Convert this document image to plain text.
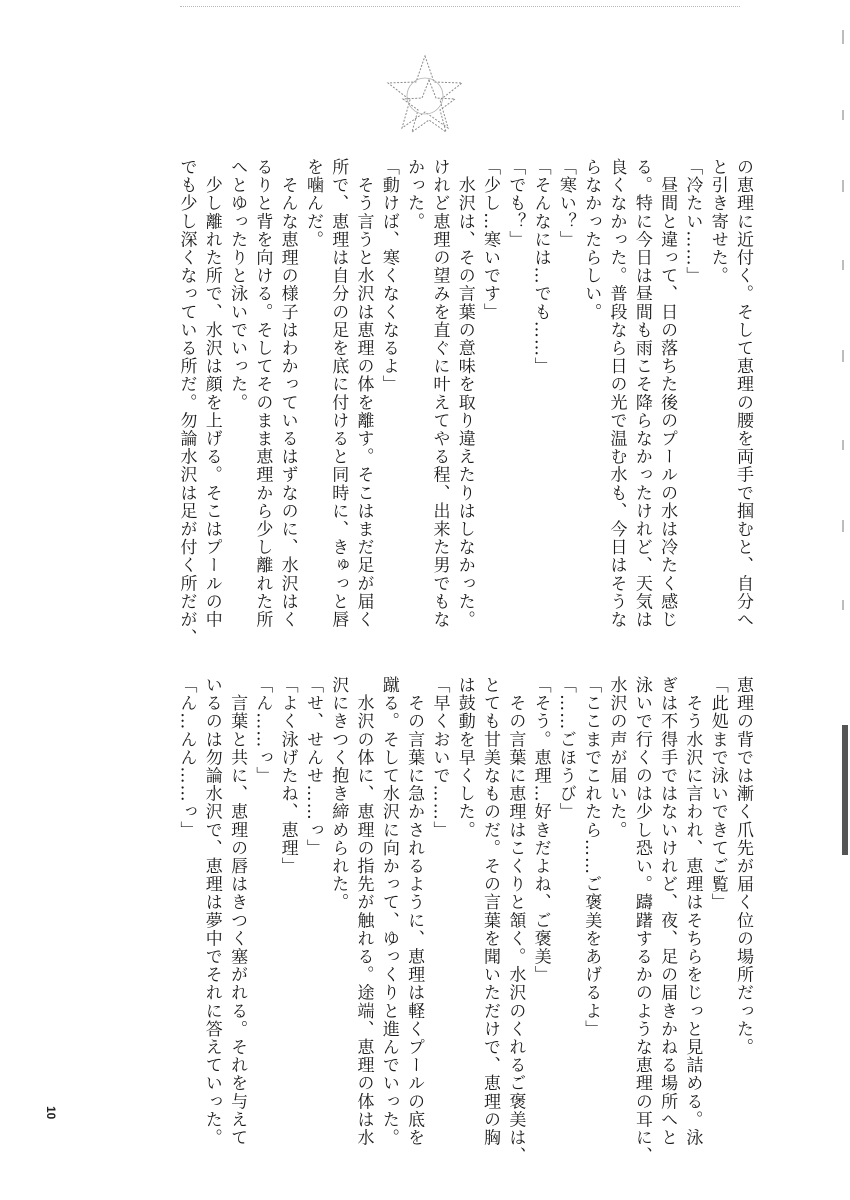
の恵理に近付く。そして恵理の腰を両手で掴むと、自分へ
と引き寄せた。
「冷たい……」
　昼間と違って、日の落ちた後のプールの水は冷たく感じ
る。特に今日は昼間も雨こそ降らなかったけれど、天気は
良くなかった。普段なら日の光で温む水も、今日はそうな
らなかったらしい。
「寒い？」
「そんなには…でも……」
「でも？」
「少し…寒いです」
　水沢は、その言葉の意味を取り違えたりはしなかった。
けれど恵理の望みを直ぐに叶えてやる程、出来た男でもな
かった。
「動けば、寒くなくなるよ」
　そう言うと水沢は恵理の体を離す。そこはまだ足が届く
所で、恵理は自分の足を底に付けると同時に、きゅっと唇
を噛んだ。
　そんな恵理の様子はわかっているはずなのに、水沢はく
るりと背を向ける。そしてそのまま恵理から少し離れた所
へとゆったりと泳いでいった。
　少し離れた所で、水沢は顔を上げる。そこはプールの中
でも少し深くなっている所だ。勿論水沢は足が付く所だが、
恵理の背では漸く爪先が届く位の場所だった。
「此処まで泳いできてご覧」
　そう水沢に言われ、恵理はそちらをじっと見詰める。泳
ぎは不得手ではないけれど、夜、足の届きかねる場所へと
泳いで行くのは少し恐い。躊躇するかのような恵理の耳に、
水沢の声が届いた。
「ここまでこれたら……ご褒美をあげるよ」
「……ごほうび」
「そう。恵理…好きだよね、ご褒美」
　その言葉に恵理はこくりと頷く。水沢のくれるご褒美は、
とても甘美なものだ。その言葉を聞いただけで、恵理の胸
は鼓動を早くした。
「早くおいで……」
　その言葉に急かされるように、恵理は軽くプールの底を
蹴る。そして水沢に向かって、ゆっくりと進んでいった。
　水沢の体に、恵理の指先が触れる。途端、恵理の体は水
沢にきつく抱き締められた。
「せ、せんせ……っ」
「よく泳げたね、恵理」
「ん……っ」
　言葉と共に、恵理の唇はきつく塞がれる。それを与えて
いるのは勿論水沢で、恵理は夢中でそれに答えていった。
「ん…んん……っ」
10
